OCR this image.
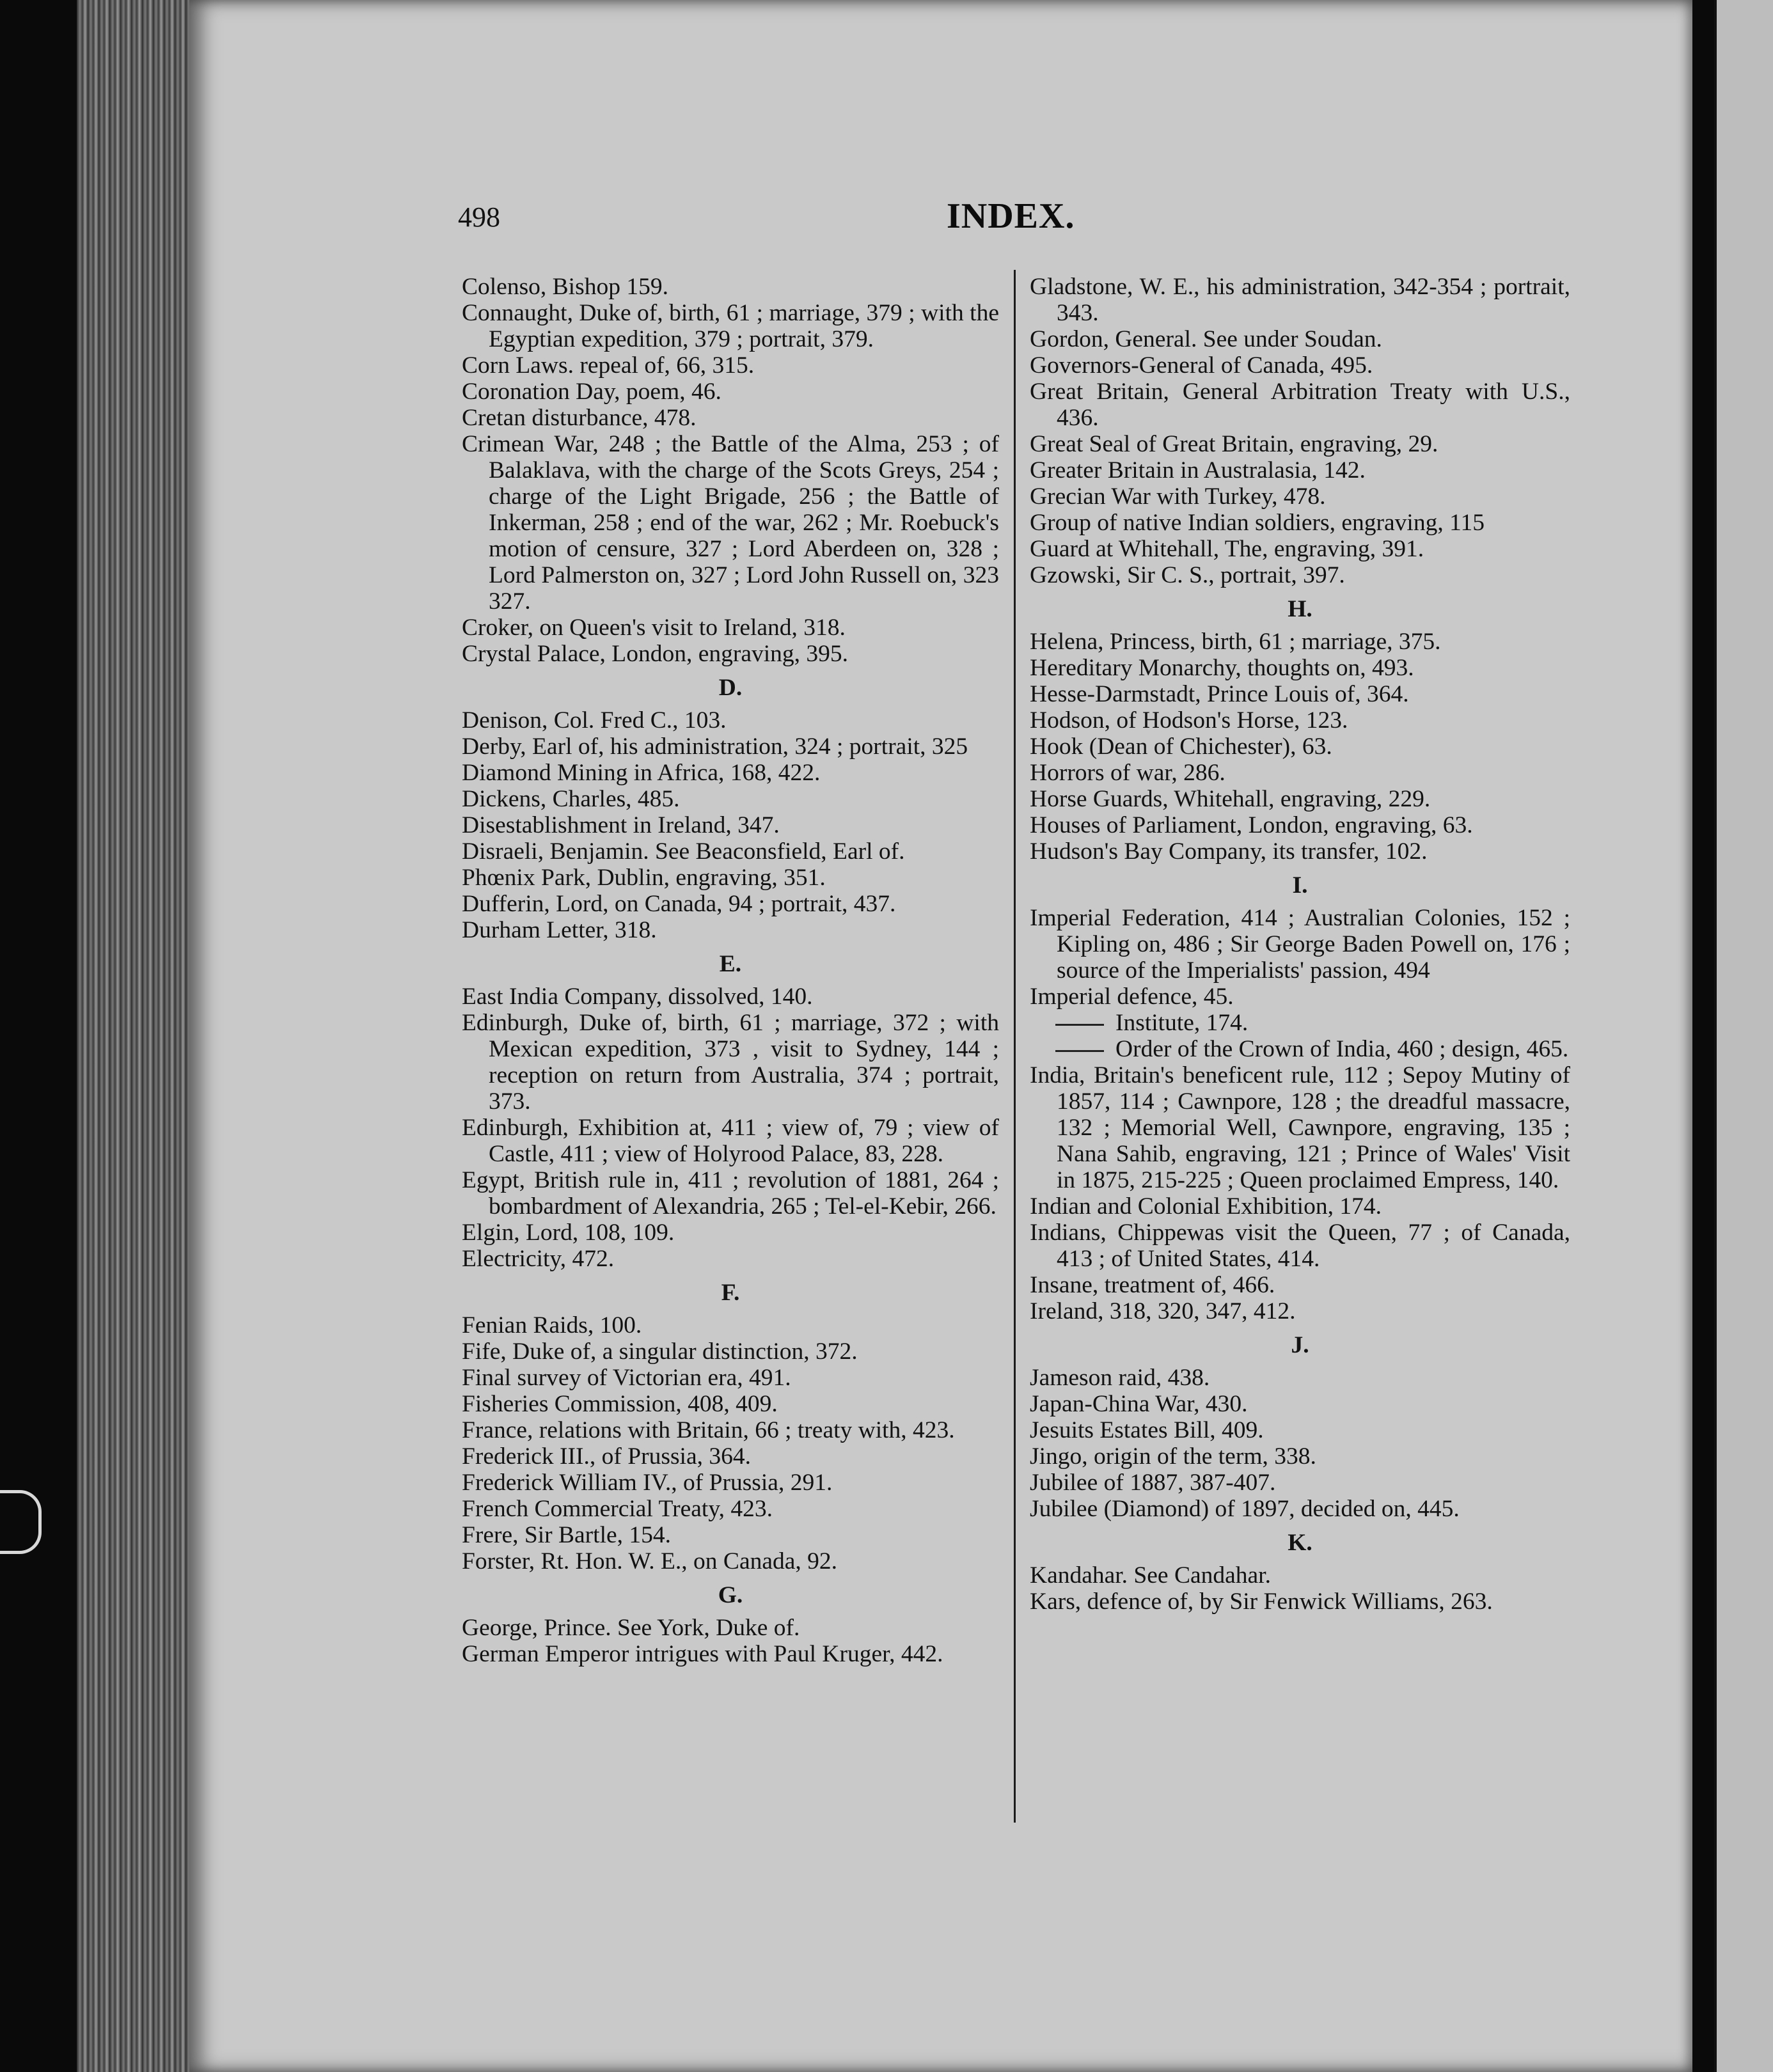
498	INDEX.

Colenso, Bishop 159.

Connaught, Duke of, birth, 61 ; marriage, 379 ; with the Egyptian expedition, 379 ; portrait, 379.

Corn Laws. repeal of, 66, 315.

Coronation Day, poem, 46.

Cretan disturbance, 478.

Crimean War, 248 ; the Battle of the Alma, 253 ; of Balaklava, with the charge of the Scots Greys, 254 ; charge of the Light Brigade, 256 ; the Battle of Inkerman, 258 ; end of the war, 262 ; Mr. Roebuck's motion of censure, 327 ; Lord Aberdeen on, 328 ; Lord Palmerston on, 327 ; Lord John Russell on, 323 327.

Croker, on Queen's visit to Ireland, 318.

Crystal Palace, London, engraving, 395.

D.

Denison, Col. Fred C., 103.

Derby, Earl of, his administration, 324 ; portrait, 325

Diamond Mining in Africa, 168, 422.

Dickens, Charles, 485.

Disestablishment in Ireland, 347.

Disraeli, Benjamin. See Beaconsfield, Earl of.

Phœnix Park, Dublin, engraving, 351.

Dufferin, Lord, on Canada, 94 ; portrait, 437.

Durham Letter, 318.

E.

East India Company, dissolved, 140.

Edinburgh, Duke of, birth, 61 ; marriage, 372 ; with Mexican expedition, 373 , visit to Sydney, 144 ; reception on return from Australia, 374 ; portrait, 373.

Edinburgh, Exhibition at, 411 ; view of, 79 ; view of Castle, 411 ; view of Holyrood Palace, 83, 228.

Egypt, British rule in, 411 ; revolution of 1881, 264 ; bombardment of Alexandria, 265 ; Tel-el-Kebir, 266.

Elgin, Lord, 108, 109.

Electricity, 472.

F.

Fenian Raids, 100.

Fife, Duke of, a singular distinction, 372.

Final survey of Victorian era, 491.

Fisheries Commission, 408, 409.

France, relations with Britain, 66 ; treaty with, 423.

Frederick III., of Prussia, 364.

Frederick William IV., of Prussia, 291.

French Commercial Treaty, 423.

Frere, Sir Bartle, 154.

Forster, Rt. Hon. W. E., on Canada, 92.

G.

George, Prince. See York, Duke of.

German Emperor intrigues with Paul Kruger, 442.

Gladstone, W. E., his administration, 342-354 ; portrait, 343.

Gordon, General. See under Soudan.

Governors-General of Canada, 495.

Great Britain, General Arbitration Treaty with U.S., 436.

Great Seal of Great Britain, engraving, 29.

Greater Britain in Australasia, 142.

Grecian War with Turkey, 478.

Group of native Indian soldiers, engraving, 115

Guard at Whitehall, The, engraving, 391.

Gzowski, Sir C. S., portrait, 397.

H.

Helena, Princess, birth, 61 ; marriage, 375.

Hereditary Monarchy, thoughts on, 493.

Hesse-Darmstadt, Prince Louis of, 364.

Hodson, of Hodson's Horse, 123.

Hook (Dean of Chichester), 63.

Horrors of war, 286.

Horse Guards, Whitehall, engraving, 229.

Houses of Parliament, London, engraving, 63.

Hudson's Bay Company, its transfer, 102.

I.

Imperial Federation, 414 ; Australian Colonies, 152 ; Kipling on, 486 ; Sir George Baden Powell on, 176 ; source of the Imperialists' passion, 494

Imperial defence, 45.

Institute, 174.

Order of the Crown of India, 460 ; design, 465.

India, Britain's beneficent rule, 112 ; Sepoy Mutiny of 1857, 114 ; Cawnpore, 128 ; the dreadful massacre, 132 ; Memorial Well, Cawnpore, engraving, 135 ; Nana Sahib, engraving, 121 ; Prince of Wales' Visit in 1875, 215-225 ; Queen proclaimed Empress, 140.

Indian and Colonial Exhibition, 174.

Indians, Chippewas visit the Queen, 77 ; of Canada, 413 ; of United States, 414.

Insane, treatment of, 466.

Ireland, 318, 320, 347, 412.

J.

Jameson raid, 438.

Japan-China War, 430.

Jesuits Estates Bill, 409.

Jingo, origin of the term, 338.

Jubilee of 1887, 387-407.

Jubilee (Diamond) of 1897, decided on, 445.

K.

Kandahar. See Candahar.

Kars, defence of, by Sir Fenwick Williams, 263.
